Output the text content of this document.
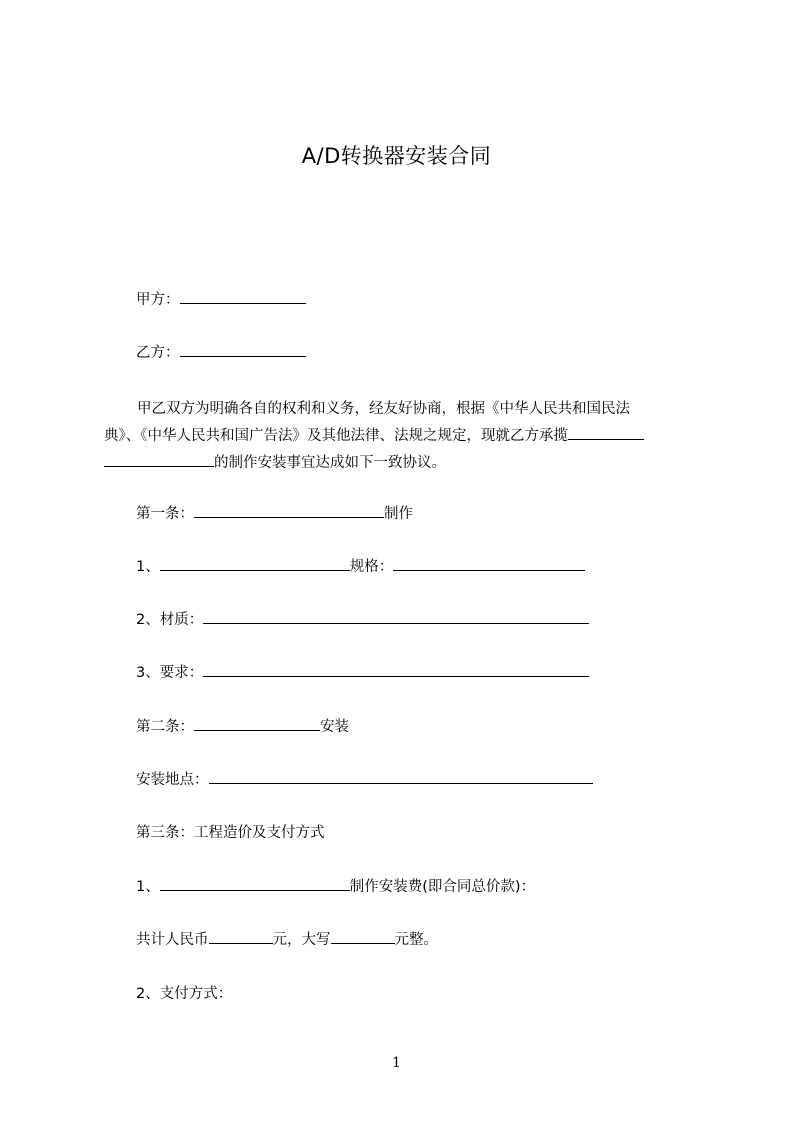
A/D转换器安装合同
甲方：
乙方：
甲乙双方为明确各自的权利和义务，经友好协商，根据《中华人民共和国民法
典》、《中华人民共和国广告法》及其他法律、法规之规定，现就乙方承揽
的制作安装事宜达成如下一致协议。
第一条：	制作
1、	规格：
2、材质：
3、要求：
第二条：	安装
安装地点：
第三条：工程造价及支付方式
1、	制作安装费(即合同总价款)：
共计人民币	元，大写	元整。
2、支付方式：
1
